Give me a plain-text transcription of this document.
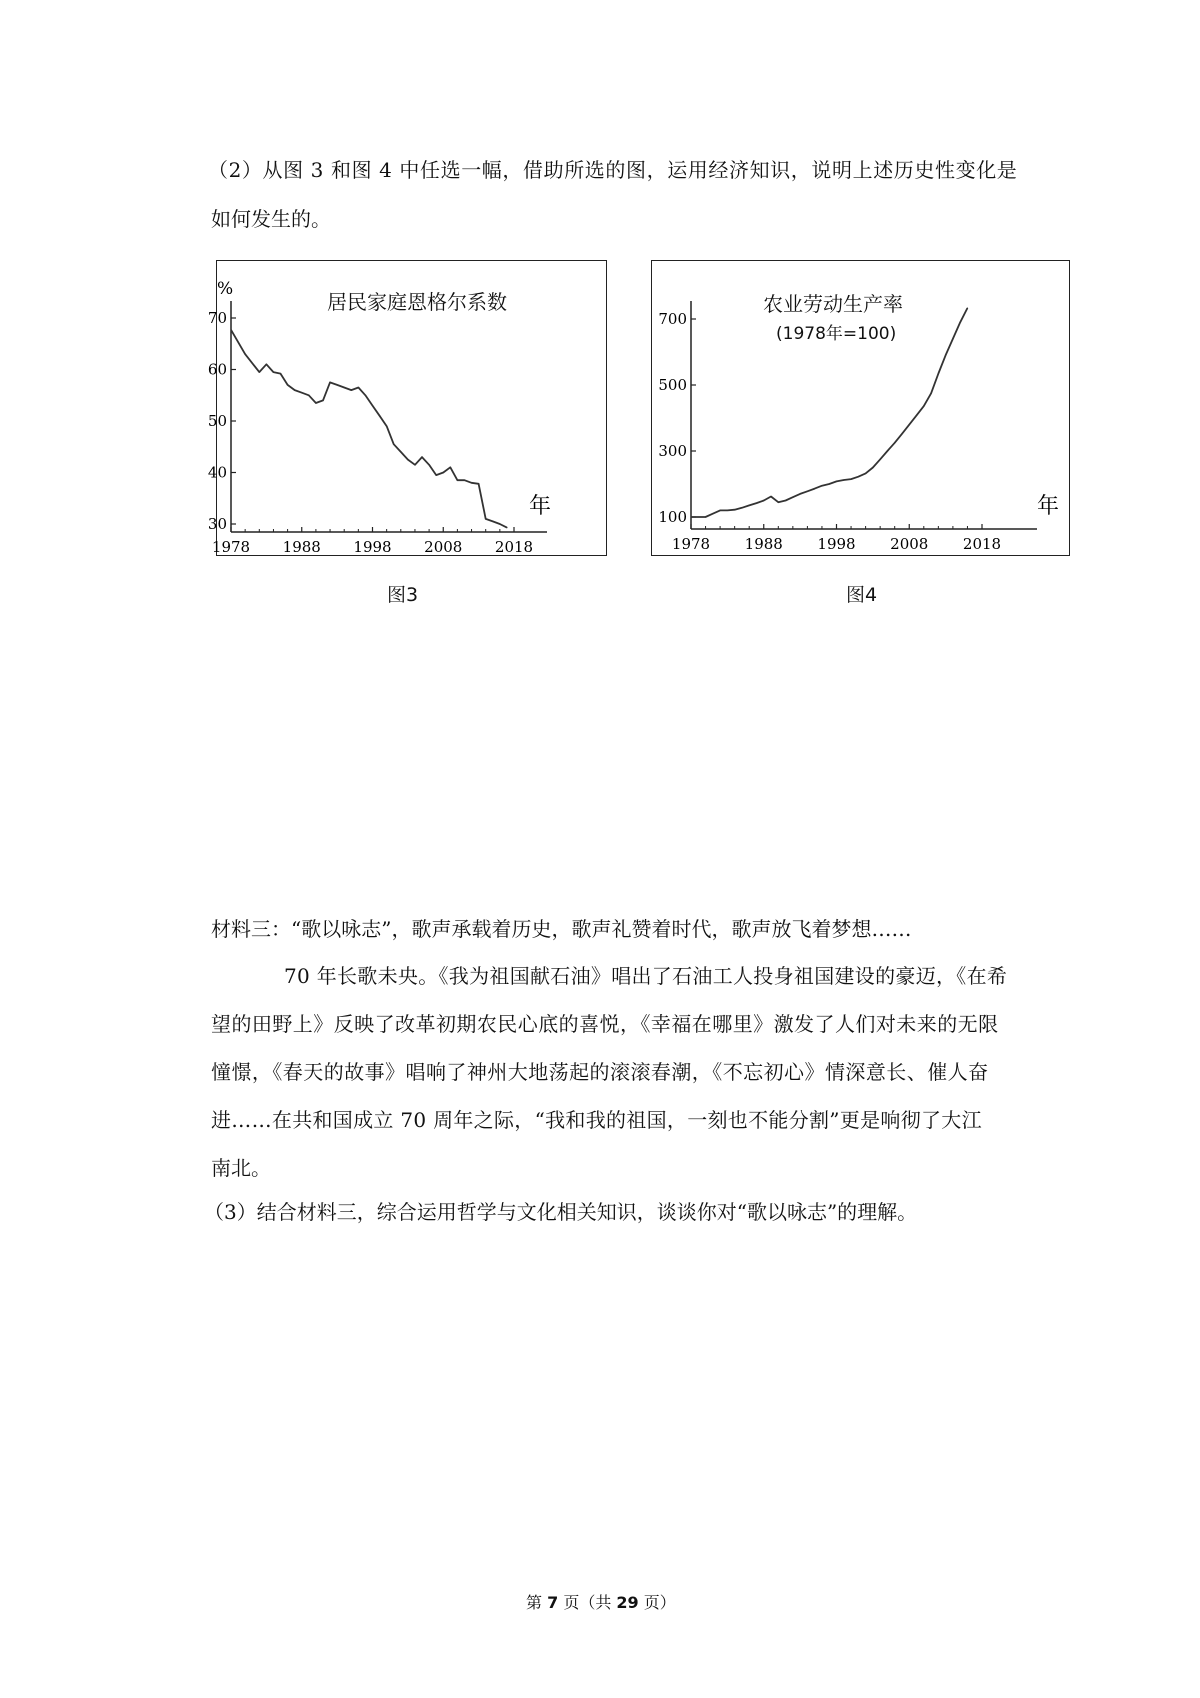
（2）从图 3 和图 4 中任选一幅，借助所选的图，运用经济知识，说明上述历史性变化是
如何发生的。
居民家庭恩格尔系数
30
40
50
60
70
1978 1988 1998 2008 2018
年
%
图3
农业劳动生产率
(1978年=100)
100
300
500
700
1978 1988 1998 2008 2018
年
图4
材料三：“歌以咏志”，歌声承载着历史，歌声礼赞着时代，歌声放飞着梦想……
70 年长歌未央。《我为祖国献石油》唱出了石油工人投身祖国建设的豪迈，《在希
望的田野上》反映了改革初期农民心底的喜悦，《幸福在哪里》激发了人们对未来的无限
憧憬，《春天的故事》唱响了神州大地荡起的滚滚春潮，《不忘初心》情深意长、催人奋
进……在共和国成立 70 周年之际，“我和我的祖国，一刻也不能分割”更是响彻了大江
南北。
（3）结合材料三，综合运用哲学与文化相关知识，谈谈你对“歌以咏志”的理解。
第 7 页（共 29 页）
